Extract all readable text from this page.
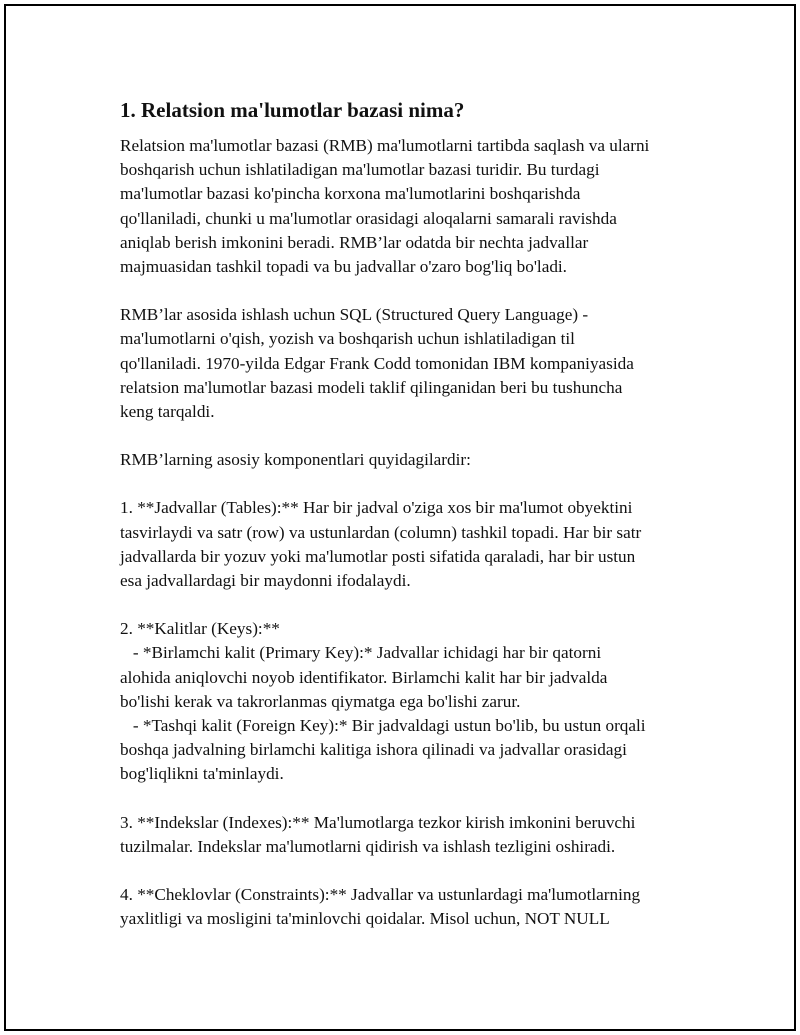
1. Relatsion ma'lumotlar bazasi nima?

Relatsion ma'lumotlar bazasi (RMB) ma'lumotlarni tartibda saqlash va ularni
boshqarish uchun ishlatiladigan ma'lumotlar bazasi turidir. Bu turdagi
ma'lumotlar bazasi ko'pincha korxona ma'lumotlarini boshqarishda
qo'llaniladi, chunki u ma'lumotlar orasidagi aloqalarni samarali ravishda
aniqlab berish imkonini beradi. RMB’lar odatda bir nechta jadvallar
majmuasidan tashkil topadi va bu jadvallar o'zaro bog'liq bo'ladi.

RMB’lar asosida ishlash uchun SQL (Structured Query Language) -
ma'lumotlarni o'qish, yozish va boshqarish uchun ishlatiladigan til
qo'llaniladi. 1970-yilda Edgar Frank Codd tomonidan IBM kompaniyasida
relatsion ma'lumotlar bazasi modeli taklif qilinganidan beri bu tushuncha
keng tarqaldi.

RMB’larning asosiy komponentlari quyidagilardir:

1. **Jadvallar (Tables):** Har bir jadval o'ziga xos bir ma'lumot obyektini
tasvirlaydi va satr (row) va ustunlardan (column) tashkil topadi. Har bir satr
jadvallarda bir yozuv yoki ma'lumotlar posti sifatida qaraladi, har bir ustun
esa jadvallardagi bir maydonni ifodalaydi.

2. **Kalitlar (Keys):**
- *Birlamchi kalit (Primary Key):* Jadvallar ichidagi har bir qatorni
alohida aniqlovchi noyob identifikator. Birlamchi kalit har bir jadvalda
bo'lishi kerak va takrorlanmas qiymatga ega bo'lishi zarur.
- *Tashqi kalit (Foreign Key):* Bir jadvaldagi ustun bo'lib, bu ustun orqali
boshqa jadvalning birlamchi kalitiga ishora qilinadi va jadvallar orasidagi
bog'liqlikni ta'minlaydi.

3. **Indekslar (Indexes):** Ma'lumotlarga tezkor kirish imkonini beruvchi
tuzilmalar. Indekslar ma'lumotlarni qidirish va ishlash tezligini oshiradi.

4. **Cheklovlar (Constraints):** Jadvallar va ustunlardagi ma'lumotlarning
yaxlitligi va mosligini ta'minlovchi qoidalar. Misol uchun, NOT NULL
